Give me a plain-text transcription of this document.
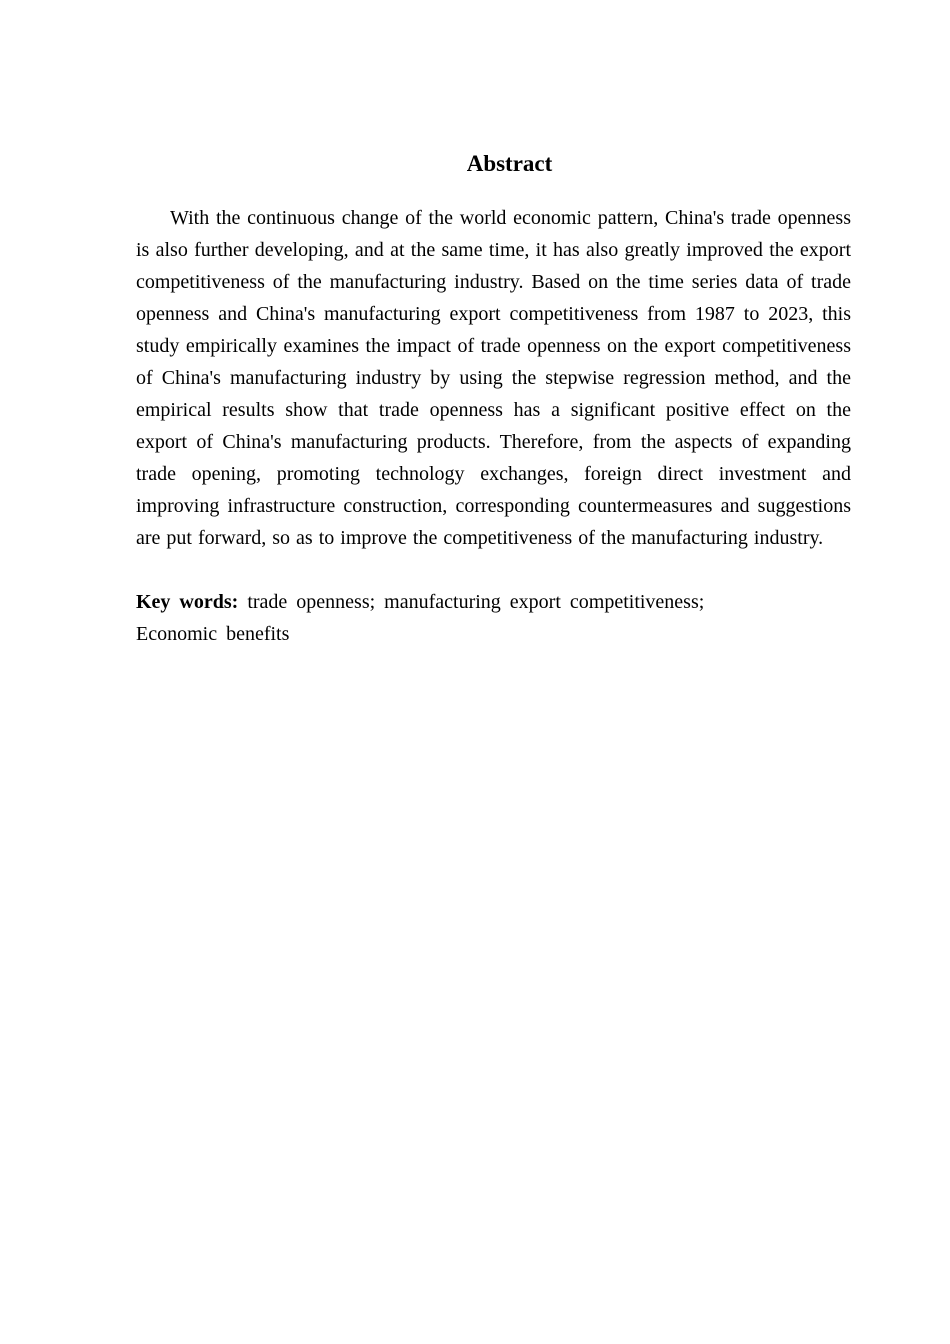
Abstract

With the continuous change of the world economic pattern, China's trade openness is also further developing, and at the same time, it has also greatly improved the export competitiveness of the manufacturing industry. Based on the time series data of trade openness and China's manufacturing export competitiveness from 1987 to 2023, this study empirically examines the impact of trade openness on the export competitiveness of China's manufacturing industry by using the stepwise regression method, and the empirical results show that trade openness has a significant positive effect on the export of China's manufacturing products. Therefore, from the aspects of expanding trade opening, promoting technology exchanges, foreign direct investment and improving infrastructure construction, corresponding countermeasures and suggestions are put forward, so as to improve the competitiveness of the manufacturing industry.

Key words: trade openness; manufacturing export competitiveness;
Economic benefits
